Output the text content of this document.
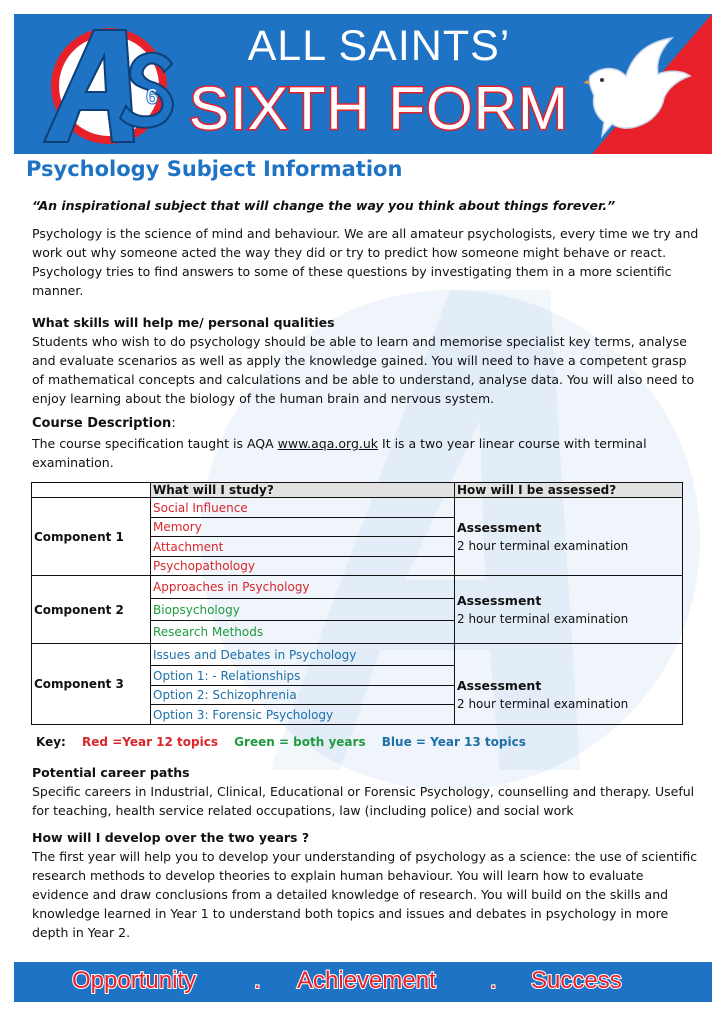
6
ALL SAINTS’
SIXTH FORM
Psychology Subject Information
“An inspirational subject that will change the way you think about things forever.”
Psychology is the science of mind and behaviour. We are all amateur psychologists, every time we try and work out why someone acted the way they did or try to predict how someone might behave or react. Psychology tries to find answers to some of these questions by investigating them in a more scientific manner.
What skills will help me/ personal qualities
Students who wish to do psychology should be able to learn and memorise specialist key terms, analyse and evaluate scenarios as well as apply the knowledge gained. You will need to have a competent grasp of mathematical concepts and calculations and be able to understand, analyse data. You will also need to enjoy learning about the biology of the human brain and nervous system.
Course Description:
The course specification taught is AQA www.aqa.org.uk It is a two year linear course with terminal examination.
	What will I study?	How will I be assessed?
Component 1	Social Influence	Assessment
2 hour terminal examination

	Memory	
	Attachment	
	Psychopathology	
Component 2	Approaches in Psychology	Assessment
2 hour terminal examination

	Biopsychology	
	Research Methods	
Component 3	Issues and Debates in Psychology	
	Option 1: - Relationships	Assessment
2 hour terminal examination

	Option 2: Schizophrenia	
	Option 3: Forensic Psychology	
Key: Red =Year 12 topics Green = both years Blue = Year 13 topics
Potential career paths
Specific careers in Industrial, Clinical, Educational or Forensic Psychology, counselling and therapy. Useful for teaching, health service related occupations, law (including police) and social work
How will I develop over the two years ?
The first year will help you to develop your understanding of psychology as a science: the use of scientific research methods to develop theories to explain human behaviour. You will learn how to evaluate evidence and draw conclusions from a detailed knowledge of research. You will build on the skills and knowledge learned in Year 1 to understand both topics and issues and debates in psychology in more depth in Year 2.
Opportunity . Achievement . Success
